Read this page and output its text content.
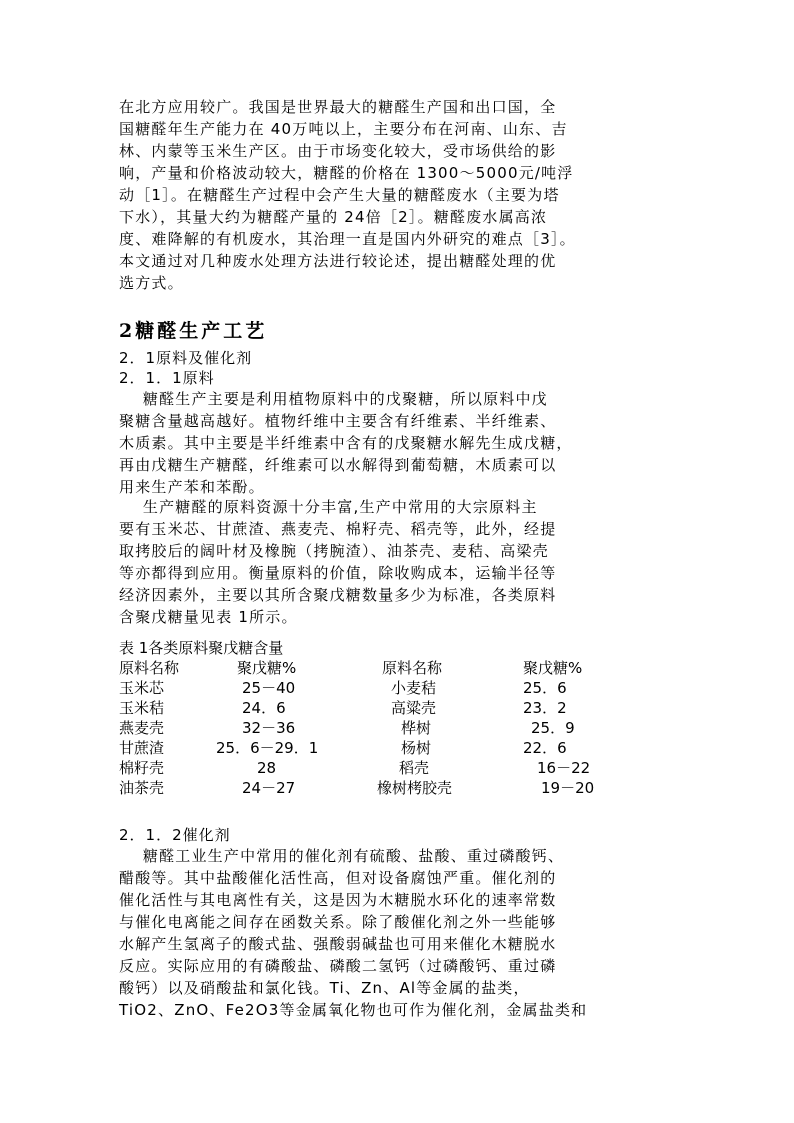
在北方应用较广。我国是世界最大的糖醛生产国和出口国，全
国糖醛年生产能力在 40万吨以上，主要分布在河南、山东、吉
林、内蒙等玉米生产区。由于市场变化较大，受市场供给的影
响，产量和价格波动较大，糖醛的价格在 1300～5000元/吨浮
动［1］。在糖醛生产过程中会产生大量的糖醛废水（主要为塔
下水），其量大约为糖醛产量的 24倍［2］。糖醛废水属高浓
度、难降解的有机废水，其治理一直是国内外研究的难点［3］。
本文通过对几种废水处理方法进行较论述，提出糖醛处理的优
选方式。
2糖醛生产工艺
2．1原料及催化剂
2．1．1原料
糖醛生产主要是利用植物原料中的戊聚糖，所以原料中戊
聚糖含量越高越好。植物纤维中主要含有纤维素、半纤维素、
木质素。其中主要是半纤维素中含有的戊聚糖水解先生成戊糖，
再由戊糖生产糖醛，纤维素可以水解得到葡萄糖，木质素可以
用来生产苯和苯酚。
生产糖醛的原料资源十分丰富,生产中常用的大宗原料主
要有玉米芯、甘蔗渣、燕麦壳、棉籽壳、稻壳等，此外，经提
取拷胶后的阔叶材及橡腕（拷腕渣）、油茶壳、麦秸、高梁壳
等亦都得到应用。衡量原料的价值，除收购成本，运输半径等
经济因素外，主要以其所含聚戊糖数量多少为标准，各类原料
含聚戊糖量见表 1所示。
表 1各类原料聚戊糖含量
原料名称	聚戊糖%	原料名称	聚戊糖%
玉米芯	25－40	小麦秸	25．6
玉米秸	24．6	高粱壳	23．2
燕麦壳	32－36	桦树	25．9
甘蔗渣	25．6－29．1	杨树	22．6
棉籽壳	28	稻壳	16－22
油茶壳	24－27	橡树栲胶壳	19－20
2．1．2催化剂
糖醛工业生产中常用的催化剂有硫酸、盐酸、重过磷酸钙、
醋酸等。其中盐酸催化活性高，但对设备腐蚀严重。催化剂的
催化活性与其电离性有关，这是因为木糖脱水环化的速率常数
与催化电离能之间存在函数关系。除了酸催化剂之外一些能够
水解产生氢离子的酸式盐、强酸弱碱盐也可用来催化木糖脱水
反应。实际应用的有磷酸盐、磷酸二氢钙（过磷酸钙、重过磷
酸钙）以及硝酸盐和氯化钱。Ti、Zn、Al等金属的盐类，
TiO2、ZnO、Fe2O3等金属氧化物也可作为催化剂，金属盐类和
